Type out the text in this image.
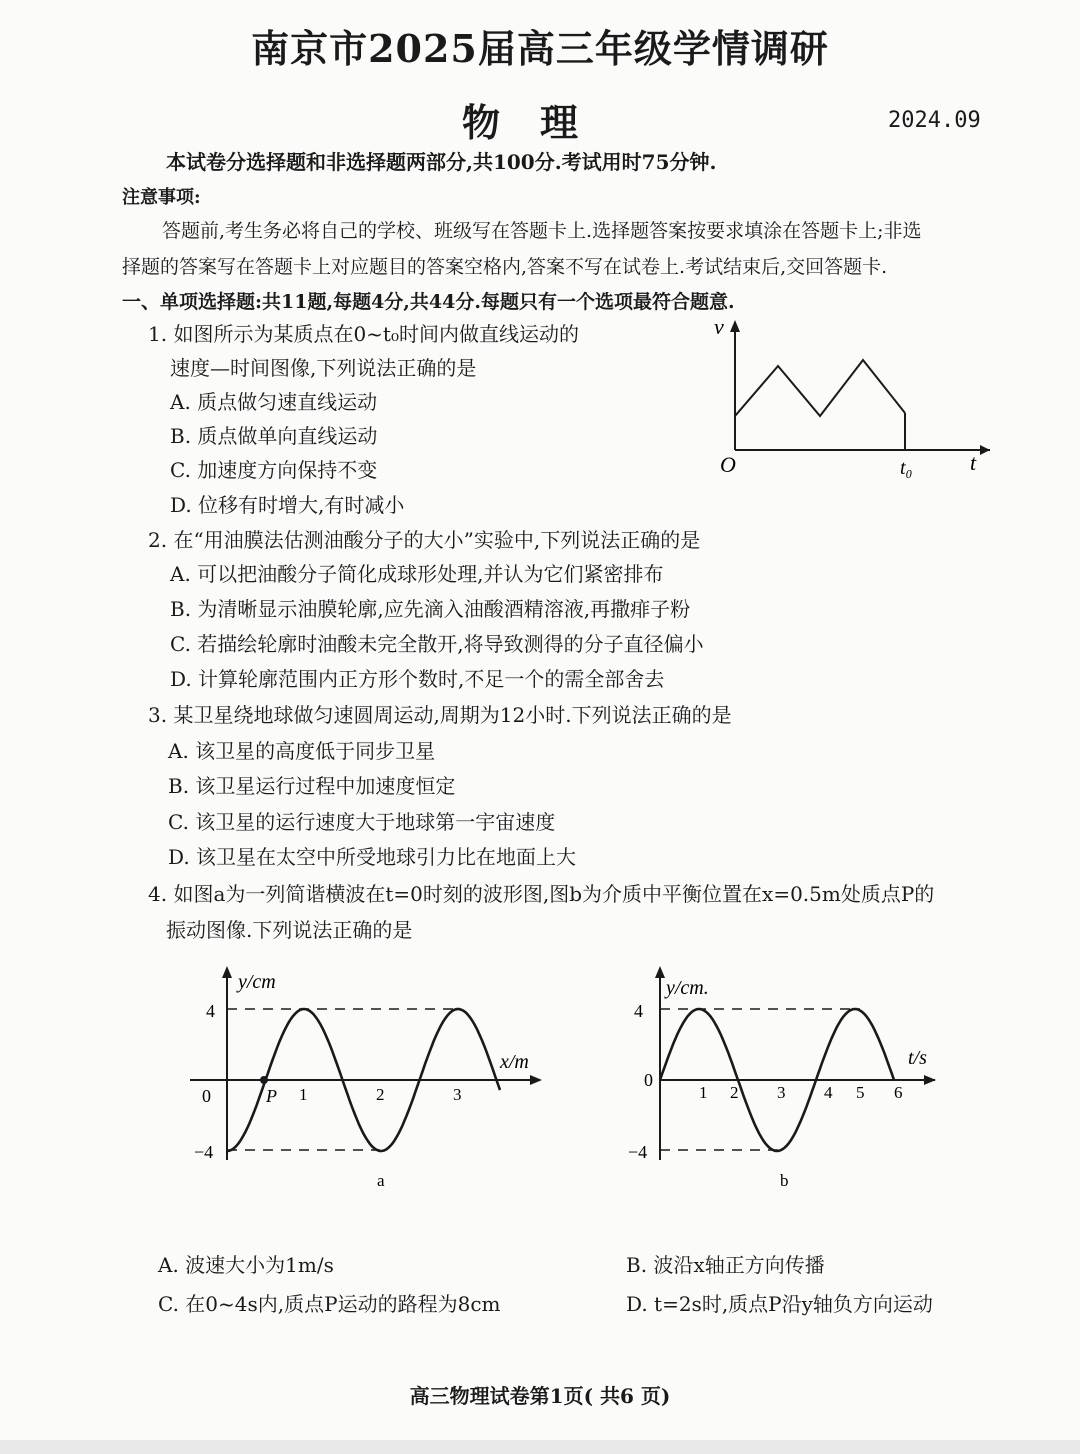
南京市2025届高三年级学情调研
物理	2024.09
本试卷分选择题和非选择题两部分,共100分.考试用时75分钟.
注意事项:
答题前,考生务必将自己的学校、班级写在答题卡上.选择题答案按要求填涂在答题卡上;非选
择题的答案写在答题卡上对应题目的答案空格内,答案不写在试卷上.考试结束后,交回答题卡.
一、单项选择题:共11题,每题4分,共44分.每题只有一个选项最符合题意.
1. 如图所示为某质点在0~t₀时间内做直线运动的
速度—时间图像,下列说法正确的是
A. 质点做匀速直线运动
B. 质点做单向直线运动
C. 加速度方向保持不变
D. 位移有时增大,有时减小
v
O	t₀	t
2. 在“用油膜法估测油酸分子的大小”实验中,下列说法正确的是
A. 可以把油酸分子简化成球形处理,并认为它们紧密排布
B. 为清晰显示油膜轮廓,应先滴入油酸酒精溶液,再撒痱子粉
C. 若描绘轮廓时油酸未完全散开,将导致测得的分子直径偏小
D. 计算轮廓范围内正方形个数时,不足一个的需全部舍去
3. 某卫星绕地球做匀速圆周运动,周期为12小时.下列说法正确的是
A. 该卫星的高度低于同步卫星
B. 该卫星运行过程中加速度恒定
C. 该卫星的运行速度大于地球第一宇宙速度
D. 该卫星在太空中所受地球引力比在地面上大
4. 如图a为一列简谐横波在t=0时刻的波形图,图b为介质中平衡位置在x=0.5m处质点P的
振动图像.下列说法正确的是
y/cm
x/m
0
4
−4
P 1	2	3
a
y/cm.
t/s
0
4
−4
1 2 3 4 5 6
b
A. 波速大小为1m/s	B. 波沿x轴正方向传播
C. 在0~4s内,质点P运动的路程为8cm	D. t=2s时,质点P沿y轴负方向运动
高三物理试卷第1页( 共6 页)
